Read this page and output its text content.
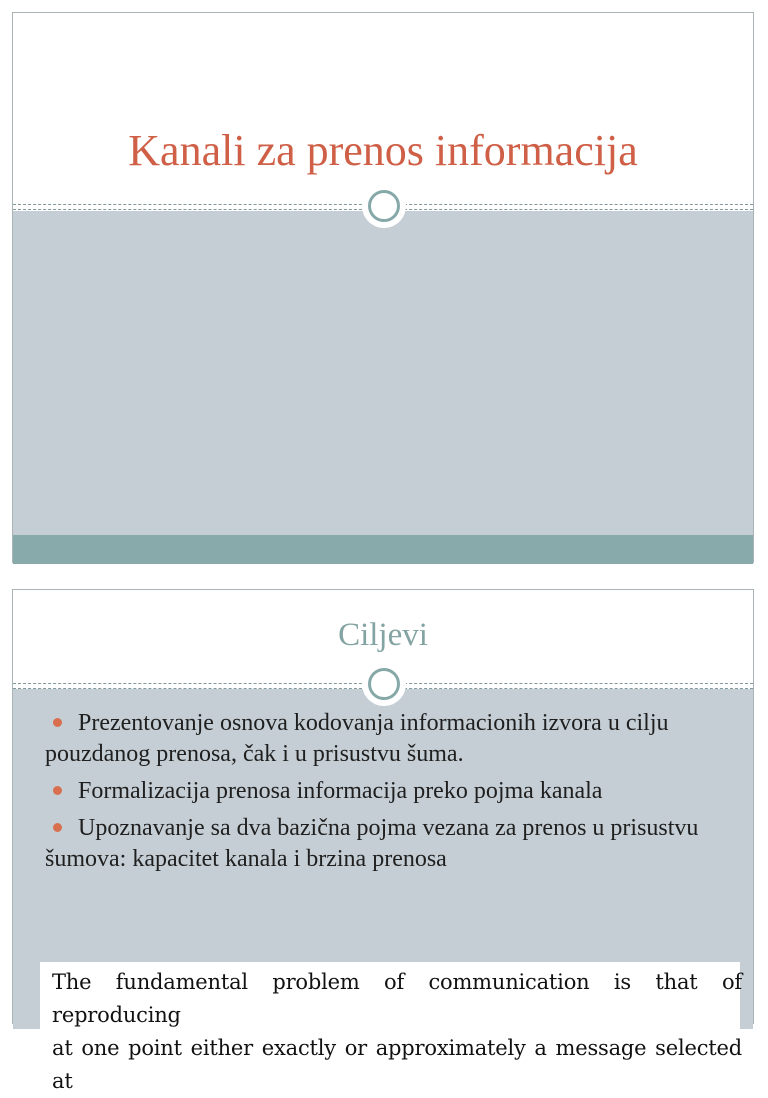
Kanali za prenos informacija
Ciljevi
Prezentovanje osnova kodovanja informacionih izvora u cilju pouzdanog prenosa, čak i u prisustvu šuma.
Formalizacija prenosa informacija preko pojma kanala
Upoznavanje sa dva bazična pojma vezana za prenos u prisustvu šumova: kapacitet kanala i brzina prenosa

The fundamental problem of communication is that of reproducing
at one point either exactly or approximately a message selected at
